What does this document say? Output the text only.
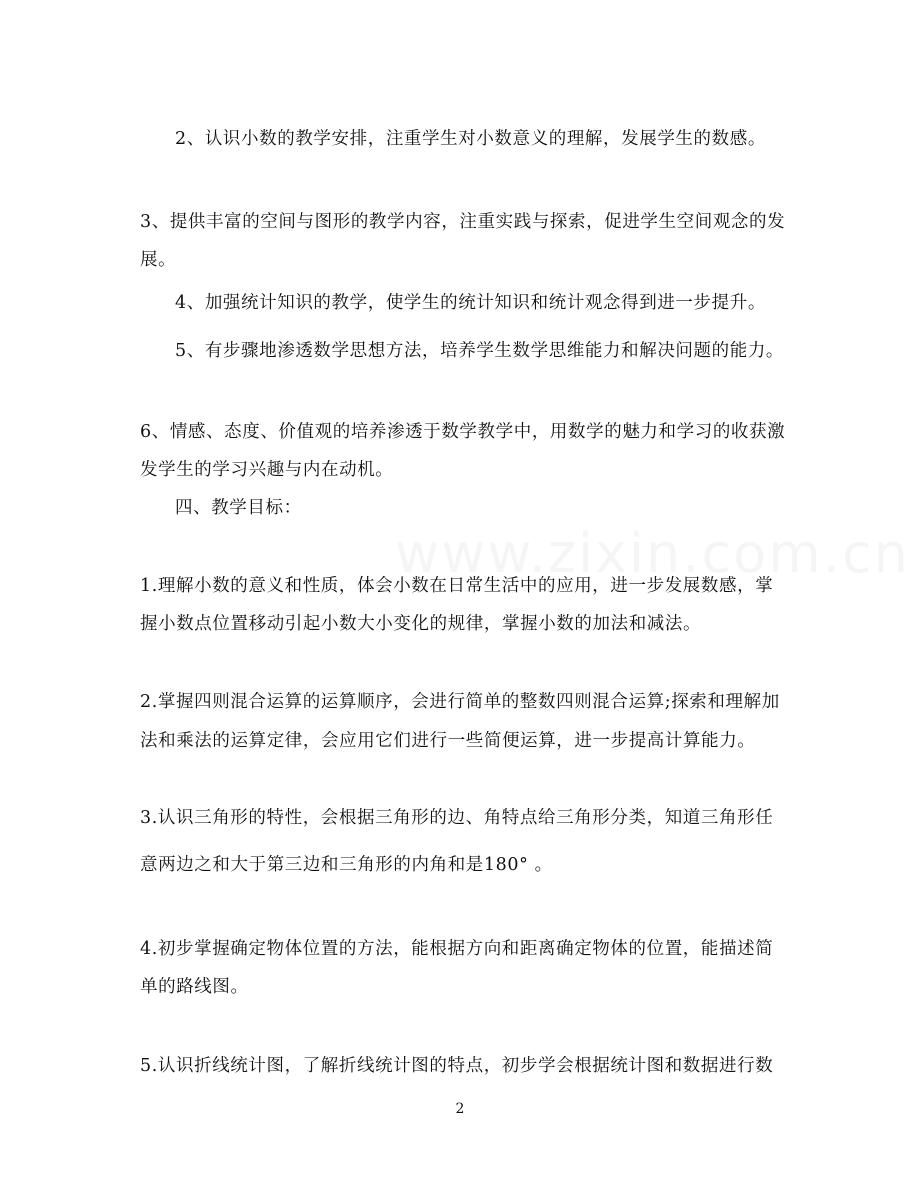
2、认识小数的教学安排，注重学生对小数意义的理解，发展学生的数感。
3、提供丰富的空间与图形的教学内容，注重实践与探索，促进学生空间观念的发
展。
4、加强统计知识的教学，使学生的统计知识和统计观念得到进一步提升。
5、有步骤地渗透数学思想方法，培养学生数学思维能力和解决问题的能力。
6、情感、态度、价值观的培养渗透于数学教学中，用数学的魅力和学习的收获激
发学生的学习兴趣与内在动机。
四、教学目标：
1.理解小数的意义和性质，体会小数在日常生活中的应用，进一步发展数感，掌
握小数点位置移动引起小数大小变化的规律，掌握小数的加法和减法。
2.掌握四则混合运算的运算顺序，会进行简单的整数四则混合运算;探索和理解加
法和乘法的运算定律，会应用它们进行一些简便运算，进一步提高计算能力。
3.认识三角形的特性，会根据三角形的边、角特点给三角形分类，知道三角形任
意两边之和大于第三边和三角形的内角和是180° 。
4.初步掌握确定物体位置的方法，能根据方向和距离确定物体的位置，能描述简
单的路线图。
5.认识折线统计图，了解折线统计图的特点，初步学会根据统计图和数据进行数
2
